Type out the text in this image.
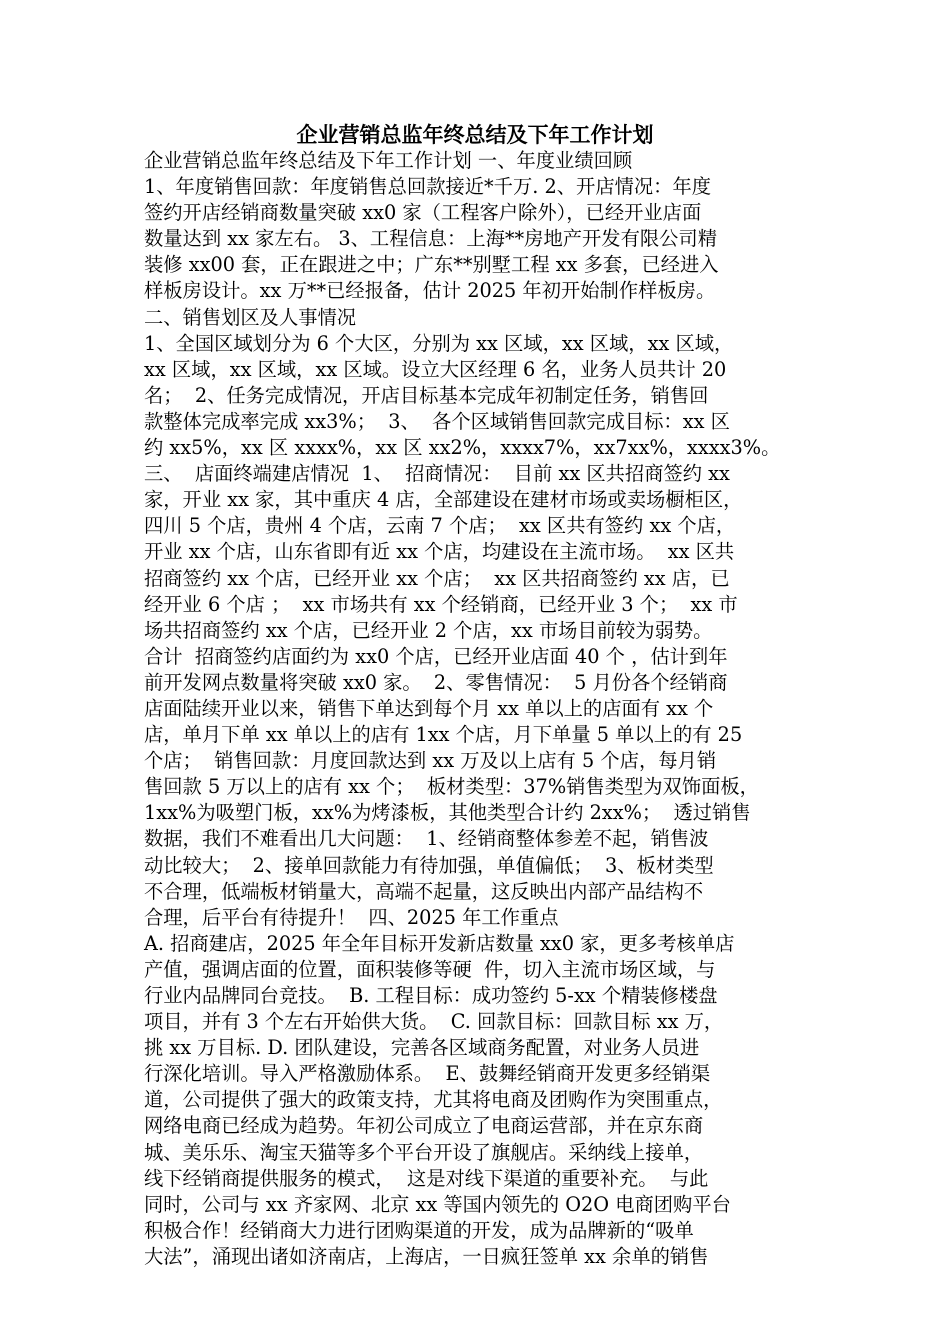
企业营销总监年终总结及下年工作计划
企业营销总监年终总结及下年工作计划 一、年度业绩回顾
1、年度销售回款：年度销售总回款接近*千万. 2、开店情况：年度
签约开店经销商数量突破 xx0 家（工程客户除外），已经开业店面
数量达到 xx 家左右。 3、工程信息：上海**房地产开发有限公司精
装修 xx00 套，正在跟进之中；广东**别墅工程 xx 多套，已经进入
样板房设计。xx 万**已经报备，估计 2025 年初开始制作样板房。
二、销售划区及人事情况
1、全国区域划分为 6 个大区，分别为 xx 区域，xx 区域，xx 区域，
xx 区域，xx 区域，xx 区域。设立大区经理 6 名，业务人员共计 20
名；  2、任务完成情况，开店目标基本完成年初制定任务，销售回
款整体完成率完成 xx3%；  3、  各个区域销售回款完成目标：xx 区
约 xx5%，xx 区 xxxx%，xx 区 xx2%，xxxx7%，xx7xx%，xxxx3%。
三、  店面终端建店情况  1、  招商情况：  目前 xx 区共招商签约 xx
家，开业 xx 家，其中重庆 4 店，全部建设在建材市场或卖场橱柜区，
四川 5 个店，贵州 4 个店，云南 7 个店；  xx 区共有签约 xx 个店，
开业 xx 个店，山东省即有近 xx 个店，均建设在主流市场。  xx 区共
招商签约 xx 个店，已经开业 xx 个店；  xx 区共招商签约 xx 店，已
经开业 6 个店 ；  xx 市场共有 xx 个经销商，已经开业 3 个；  xx 市
场共招商签约 xx 个店，已经开业 2 个店，xx 市场目前较为弱势。
合计  招商签约店面约为 xx0 个店，已经开业店面 40 个 ，估计到年
前开发网点数量将突破 xx0 家。  2、零售情况：  5 月份各个经销商
店面陆续开业以来，销售下单达到每个月 xx 单以上的店面有 xx 个
店，单月下单 xx 单以上的店有 1xx 个店，月下单量 5 单以上的有 25
个店；  销售回款：月度回款达到 xx 万及以上店有 5 个店，每月销
售回款 5 万以上的店有 xx 个；  板材类型：37%销售类型为双饰面板，
1xx%为吸塑门板，xx%为烤漆板，其他类型合计约 2xx%；  透过销售
数据，我们不难看出几大问题：  1、经销商整体参差不起，销售波
动比较大；  2、接单回款能力有待加强，单值偏低；  3、板材类型
不合理，低端板材销量大，高端不起量，这反映出内部产品结构不
合理，后平台有待提升！  四、2025 年工作重点
A. 招商建店，2025 年全年目标开发新店数量 xx0 家，更多考核单店
产值，强调店面的位置，面积装修等硬  件，切入主流市场区域，与
行业内品牌同台竞技。  B. 工程目标：成功签约 5-xx 个精装修楼盘
项目，并有 3 个左右开始供大货。  C. 回款目标：回款目标 xx 万，
挑 xx 万目标. D. 团队建设，完善各区域商务配置，对业务人员进
行深化培训。导入严格激励体系。  E、鼓舞经销商开发更多经销渠
道，公司提供了强大的政策支持，尤其将电商及团购作为突围重点，
网络电商已经成为趋势。年初公司成立了电商运营部，并在京东商
城、美乐乐、淘宝天猫等多个平台开设了旗舰店。采纳线上接单，
线下经销商提供服务的模式，  这是对线下渠道的重要补充。  与此
同时，公司与 xx 齐家网、北京 xx 等国内领先的 O2O 电商团购平台
积极合作！经销商大力进行团购渠道的开发，成为品牌新的“吸单
大法”，涌现出诸如济南店，上海店，一日疯狂签单 xx 余单的销售
